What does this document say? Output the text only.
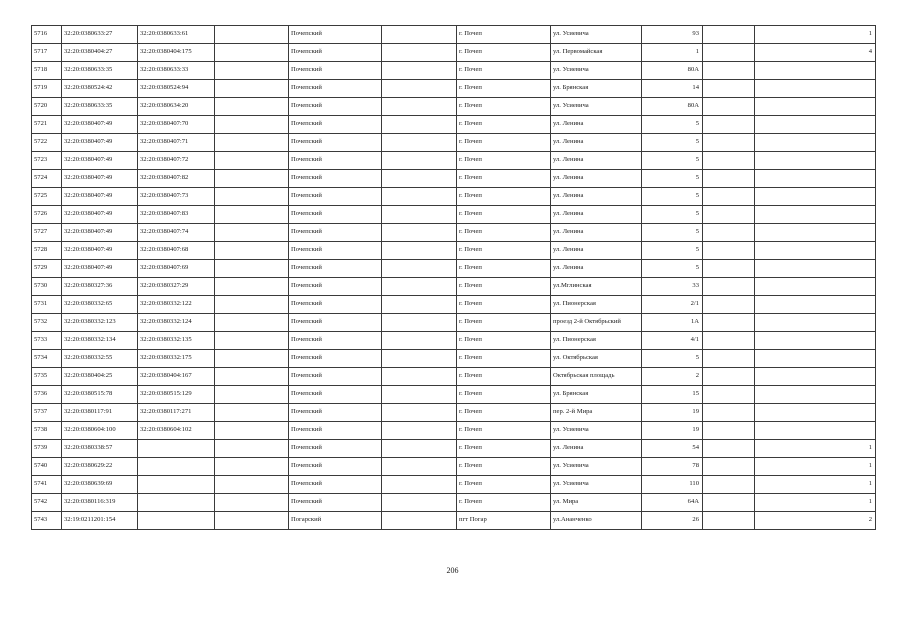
5716	32:20:0380633:27	32:20:0380633:61		Почепский		г. Почеп	ул. Усиевича	93		1
5717	32:20:0380404:27	32:20:0380404:175		Почепский		г. Почеп	ул. Первомайская	1		4
5718	32:20:0380633:35	32:20:0380633:33		Почепский		г. Почеп	ул. Усиевича	80А		
5719	32:20:0380524:42	32:20:0380524:94		Почепский		г. Почеп	ул. Брянская	14		
5720	32:20:0380633:35	32:20:0380634:20		Почепский		г. Почеп	ул. Усиевича	80А		
5721	32:20:0380407:49	32:20:0380407:70		Почепский		г. Почеп	ул. Ленина	5		
5722	32:20:0380407:49	32:20:0380407:71		Почепский		г. Почеп	ул. Ленина	5		
5723	32:20:0380407:49	32:20:0380407:72		Почепский		г. Почеп	ул. Ленина	5		
5724	32:20:0380407:49	32:20:0380407:82		Почепский		г. Почеп	ул. Ленина	5		
5725	32:20:0380407:49	32:20:0380407:73		Почепский		г. Почеп	ул. Ленина	5		
5726	32:20:0380407:49	32:20:0380407:83		Почепский		г. Почеп	ул. Ленина	5		
5727	32:20:0380407:49	32:20:0380407:74		Почепский		г. Почеп	ул. Ленина	5		
5728	32:20:0380407:49	32:20:0380407:68		Почепский		г. Почеп	ул. Ленина	5		
5729	32:20:0380407:49	32:20:0380407:69		Почепский		г. Почеп	ул. Ленина	5		
5730	32:20:0380327:36	32:20:0380327:29		Почепский		г. Почеп	ул.Мглинская	33		
5731	32:20:0380332:65	32:20:0380332:122		Почепский		г. Почеп	ул. Пионерская	2/1		
5732	32:20:0380332:123	32:20:0380332:124		Почепский		г. Почеп	проезд 2-й Октябрьский	1А		
5733	32:20:0380332:134	32:20:0380332:135		Почепский		г. Почеп	ул. Пионерская	4/1		
5734	32:20:0380332:55	32:20:0380332:175		Почепский		г. Почеп	ул. Октябрьская	5		
5735	32:20:0380404:25	32:20:0380404:167		Почепский		г. Почеп	Октябрьская площадь	2		
5736	32:20:0380515:78	32:20:0380515:129		Почепский		г. Почеп	ул. Брянская	15		
5737	32:20:0380117:91	32:20:0380117:271		Почепский		г. Почеп	пер. 2-й Мира	19		
5738	32:20:0380604:100	32:20:0380604:102		Почепский		г. Почеп	ул. Усиевича	19		
5739	32:20:0380338:57			Почепский		г. Почеп	ул. Ленина	54		1
5740	32:20:0380629:22			Почепский		г. Почеп	ул. Усиевича	78		1
5741	32:20:0380639:69			Почепский		г. Почеп	ул. Усиевича	110		1
5742	32:20:0380116:319			Почепский		г. Почеп	ул. Мира	64А		1
5743	32:19:0211201:154			Погарский		пгт Погар	ул.Ананченко	26		2
206
